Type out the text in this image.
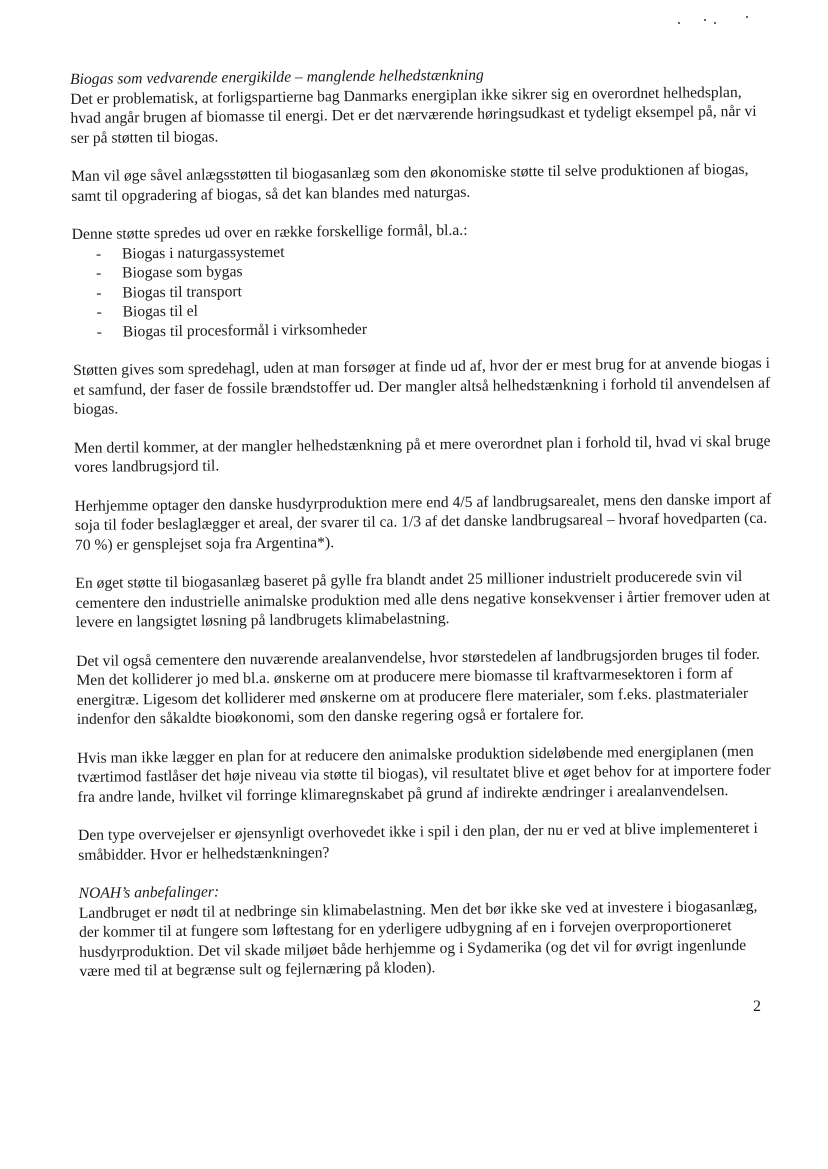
Biogas som vedvarende energikilde – manglende helhedstænkning
Det er problematisk, at forligspartierne bag Danmarks energiplan ikke sikrer sig en overordnet helhedsplan, hvad angår brugen af biomasse til energi. Det er det nærværende høringsudkast et tydeligt eksempel på, når vi ser på støtten til biogas.

Man vil øge såvel anlægsstøtten til biogasanlæg som den økonomiske støtte til selve produktionen af biogas, samt til opgradering af biogas, så det kan blandes med naturgas.

Denne støtte spredes ud over en række forskellige formål, bl.a.:

- Biogas i naturgassystemet
- Biogase som bygas
- Biogas til transport
- Biogas til el
- Biogas til procesformål i virksomheder

Støtten gives som spredehagl, uden at man forsøger at finde ud af, hvor der er mest brug for at anvende biogas i et samfund, der faser de fossile brændstoffer ud. Der mangler altså helhedstænkning i forhold til anvendelsen af biogas.

Men dertil kommer, at der mangler helhedstænkning på et mere overordnet plan i forhold til, hvad vi skal bruge vores landbrugsjord til.

Herhjemme optager den danske husdyrproduktion mere end 4/5 af landbrugsarealet, mens den danske import af soja til foder beslaglægger et areal, der svarer til ca. 1/3 af det danske landbrugsareal – hvoraf hovedparten (ca. 70 %) er gensplejset soja fra Argentina*).

En øget støtte til biogasanlæg baseret på gylle fra blandt andet 25 millioner industrielt producerede svin vil cementere den industrielle animalske produktion med alle dens negative konsekvenser i årtier fremover uden at levere en langsigtet løsning på landbrugets klimabelastning.

Det vil også cementere den nuværende arealanvendelse, hvor størstedelen af landbrugsjorden bruges til foder. Men det kolliderer jo med bl.a. ønskerne om at producere mere biomasse til kraftvarmesektoren i form af energitræ. Ligesom det kolliderer med ønskerne om at producere flere materialer, som f.eks. plastmaterialer indenfor den såkaldte bioøkonomi, som den danske regering også er fortalere for.

Hvis man ikke lægger en plan for at reducere den animalske produktion sideløbende med energiplanen (men tværtimod fastlåser det høje niveau via støtte til biogas), vil resultatet blive et øget behov for at importere foder fra andre lande, hvilket vil forringe klimaregnskabet på grund af indirekte ændringer i arealanvendelsen.

Den type overvejelser er øjensynligt overhovedet ikke i spil i den plan, der nu er ved at blive implementeret i småbidder. Hvor er helhedstænkningen?

NOAH’s anbefalinger:
Landbruget er nødt til at nedbringe sin klimabelastning. Men det bør ikke ske ved at investere i biogasanlæg, der kommer til at fungere som løftestang for en yderligere udbygning af en i forvejen overproportioneret husdyrproduktion. Det vil skade miljøet både herhjemme og i Sydamerika (og det vil for øvrigt ingenlunde være med til at begrænse sult og fejlernæring på kloden).

2
